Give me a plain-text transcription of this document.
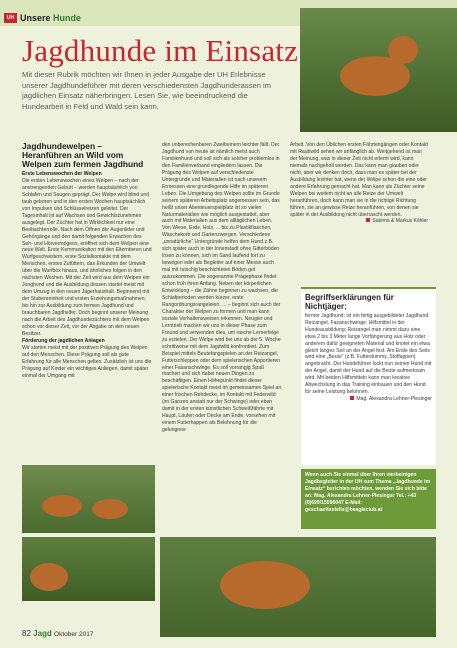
UH Unsere Hunde
Jagdhunde im Einsatz
Mit dieser Rubrik möchten wir Ihnen in jeder Ausgabe der UH Erlebnisse unserer Jagdhundeführer mit deren verschiedensten Jagdhunderassen im jagdlichen Einsatz näherbringen. Lesen Sie, wie beeindruckend die Hundearbeit in Feld und Wald sein kann.
Jagdhundewelpen – Heranführen an Wild vom Welpen zum fermen Jagdhund
Erste Lebenswochen der Welpen
Die ersten Lebenswochen eines Welpen – nach der anstrengenden Geburt – werden hauptsächlich von Schlafen und Saugen geprägt. Der Welpe wird blind und taub geboren und in den ersten Wochen hauptsächlich von Impulsen und Schlüsselreizen geleitet. Der Tagesinhalt ist auf Wachsen und Gewichtszunehmen ausgelegt. Der Züchter hat in Wirklichkeit nur eine Beobachterrolle. Nach dem Öffnen der Augenlider und Gehörgänge und den damit folgenden Erwachen des Seh- und Hörvermögens, eröffnet sich dem Welpen eine neue Welt. Erste Kommunikation mit den Elterntieren und Wurfgeschwistern, erste Sozialkontakte mit dem Menschen, erstes Zufüttern, das Erkunden der Umwelt über die Wurfbox hinaus, und ähnliches folgen in den nächsten Wochen. Mit der Zeit wird aus dem Welpen ein Junghund und die Ausbildung dessen startet meist mit dem Umzug in den neuen Jägerhaushalt. Beginnend mit der Stubenreinheit und ersten Erziehungsmaßnahmen, bis hin zur Ausbildung zum fermen Jagdhund und brauchbaren Jagdhelfer. Doch beginnt unserer Meinung nach die Arbeit des Jagdhundezüchters mit dem Welpen schon vor dieser Zeit, vor der Abgabe an den neuen Besitzer.
Förderung der jagdlichen Anlagen
Wir starten meist mit der positiven Prägung des Welpen auf den Menschen. Diese Prägung soll als gute Erfahrung für alle Menschen gelten. Zusätzlich ist uns die Prägung auf Kinder ein wichtiges Anliegen, damit später einmal der Umgang mit
den unberechenbaren Zweibeinern leichter fällt. Der Jagdhund von heute ist nämlich meist auch Familienhund und soll sich als solcher problemlos in den Familienverband eingliedern lassen. Die Prägung des Welpen auf verschiedenste Untergründe und Materialien ist nach unserem Ermessen eine grundlegende Hilfe im späteren Leben. Die Umgebung des Welpen sollte im Grunde seinem späteren Arbeitsplatz angemessen sein, das heißt unser Abenteuerspielplatz ist so vielen Naturmaterialien wie möglich ausgestattet, aber auch mit Materialien aus dem alltäglichen Leben. Von Wiese, Erde, Holz, ... bis zu Plastikflaschen, Wäschekorb und Gartenzwergen. Verschiedene „unnatürliche“ Untergründe helfen dem Hund z.B. sich später auch in der Innenstadt ohne Gitterböden lösen zu können, sich im Sand laufend fort zu bewegen oder als Begleiter auf einer Messe auch mal mit rutschig beschichteten Böden gut auszukommen. Die sogenannte Prägephase findet schon früh ihren Anfang. Neben der körperlichen Entwicklung – die Zähne beginnen zu wachsen, die Schlafperioden werden kürzer, erste Rangordnungsrangeleien, ... – beginnt sich auch der Charakter der Welpen zu formen und man kann soziale Verhaltensweisen erkennen. Neugier und Lerntrieb machen wir uns in dieser Phase zum Freund und verwenden dies, um rasche Lernerfolge zu erzielen. Der Welpe wird bei uns ab der 5. Woche schrittweise mit dem Jagdwild konfrontiert. Zum Beispiel mittels Beutefangspielen an der Reizangel, Futterschleppen oder dem spielerischen Apportieren einer Fasanschwinge. Es soll vorrangig Spaß machen und sich dabei neuen Dingen zu beschäftigen. Einen Höhepunkt findet dieser spielerische Kontakt meist im gemeinsamen Spiel an einer frischen Rehdecke, im Kontakt mit Federwild (im Ganzen anstatt nur der Schwinge) oder eben damit in der ersten künstlichen Schweißfährte mit Haupt, Läufen oder Decke am Ende, vorsehen mit einem Futterhappen als Belohnung für die gelungene
Arbeit. Von den Üblichen ersten Fährtengängen oder Kontakt mit Raubwild sehen wir anfänglich ab. Weitgehend ist man der Meinung, was in dieser Zeit nicht erlernt wird, kann niemals nachgeholt werden. Das kann man glauben oder nicht, aber wir denken doch, dass man es später bei der Ausbildung leichter hat, wenn der Welpe schon die eine oder andere Erfahrung gemacht hat. Man kann als Züchter seine Welpen bei weitem nicht an alle Reize der Umwelt heranführen, doch kann man sie in die richtige Richtung führen, sie an gewisse Reize heranführen, von denen sie später in der Ausbildung nicht überrascht werden.
Sabrina & Markus Köhler
Begriffserklärungen für Nichtjäger:
fermer Jagdhund: ist ein fertig ausgebildeter Jagdhund. Reizangel, Fasanschwinge: Hilfsmittel in der Hundeausbildung; Reizangel man nimmt dazu eine etwa 2 bis 3 Meter lange Vorfängerung aus Holz oder anderem dafür geeigneten Material und knotet ein etwa gleich langes Seil an der Angel fest. Am Ende des Seils wird eine „Beute“ (z.B. Futterdummy, Stoffappen) angebracht. Der Hundeführer lockt nun seinen Hund mit der Angel, damit der Hund auf die Beute aufmerksam wird. Mit beiden Hilfsmitteln kann man kreative Abwechslung in das Training einbauen und den Hund für seine Leistung belohnen.
Mag. Alexandra Lehner-Plesinger
Wenn auch Sie einmal über Ihren vierbeinigen Jagdbegleiter in der UH zum Thema „Jagdhunde im Einsatz“ berichten möchten, wenden Sie sich bitte an: Mag. Alexandra Lehner-Plesinger Tel.: +43 (0)699/15596047 E-Mail: geschaeftsstelle@beagleclub.at
82 Jagd Oktober 2017
